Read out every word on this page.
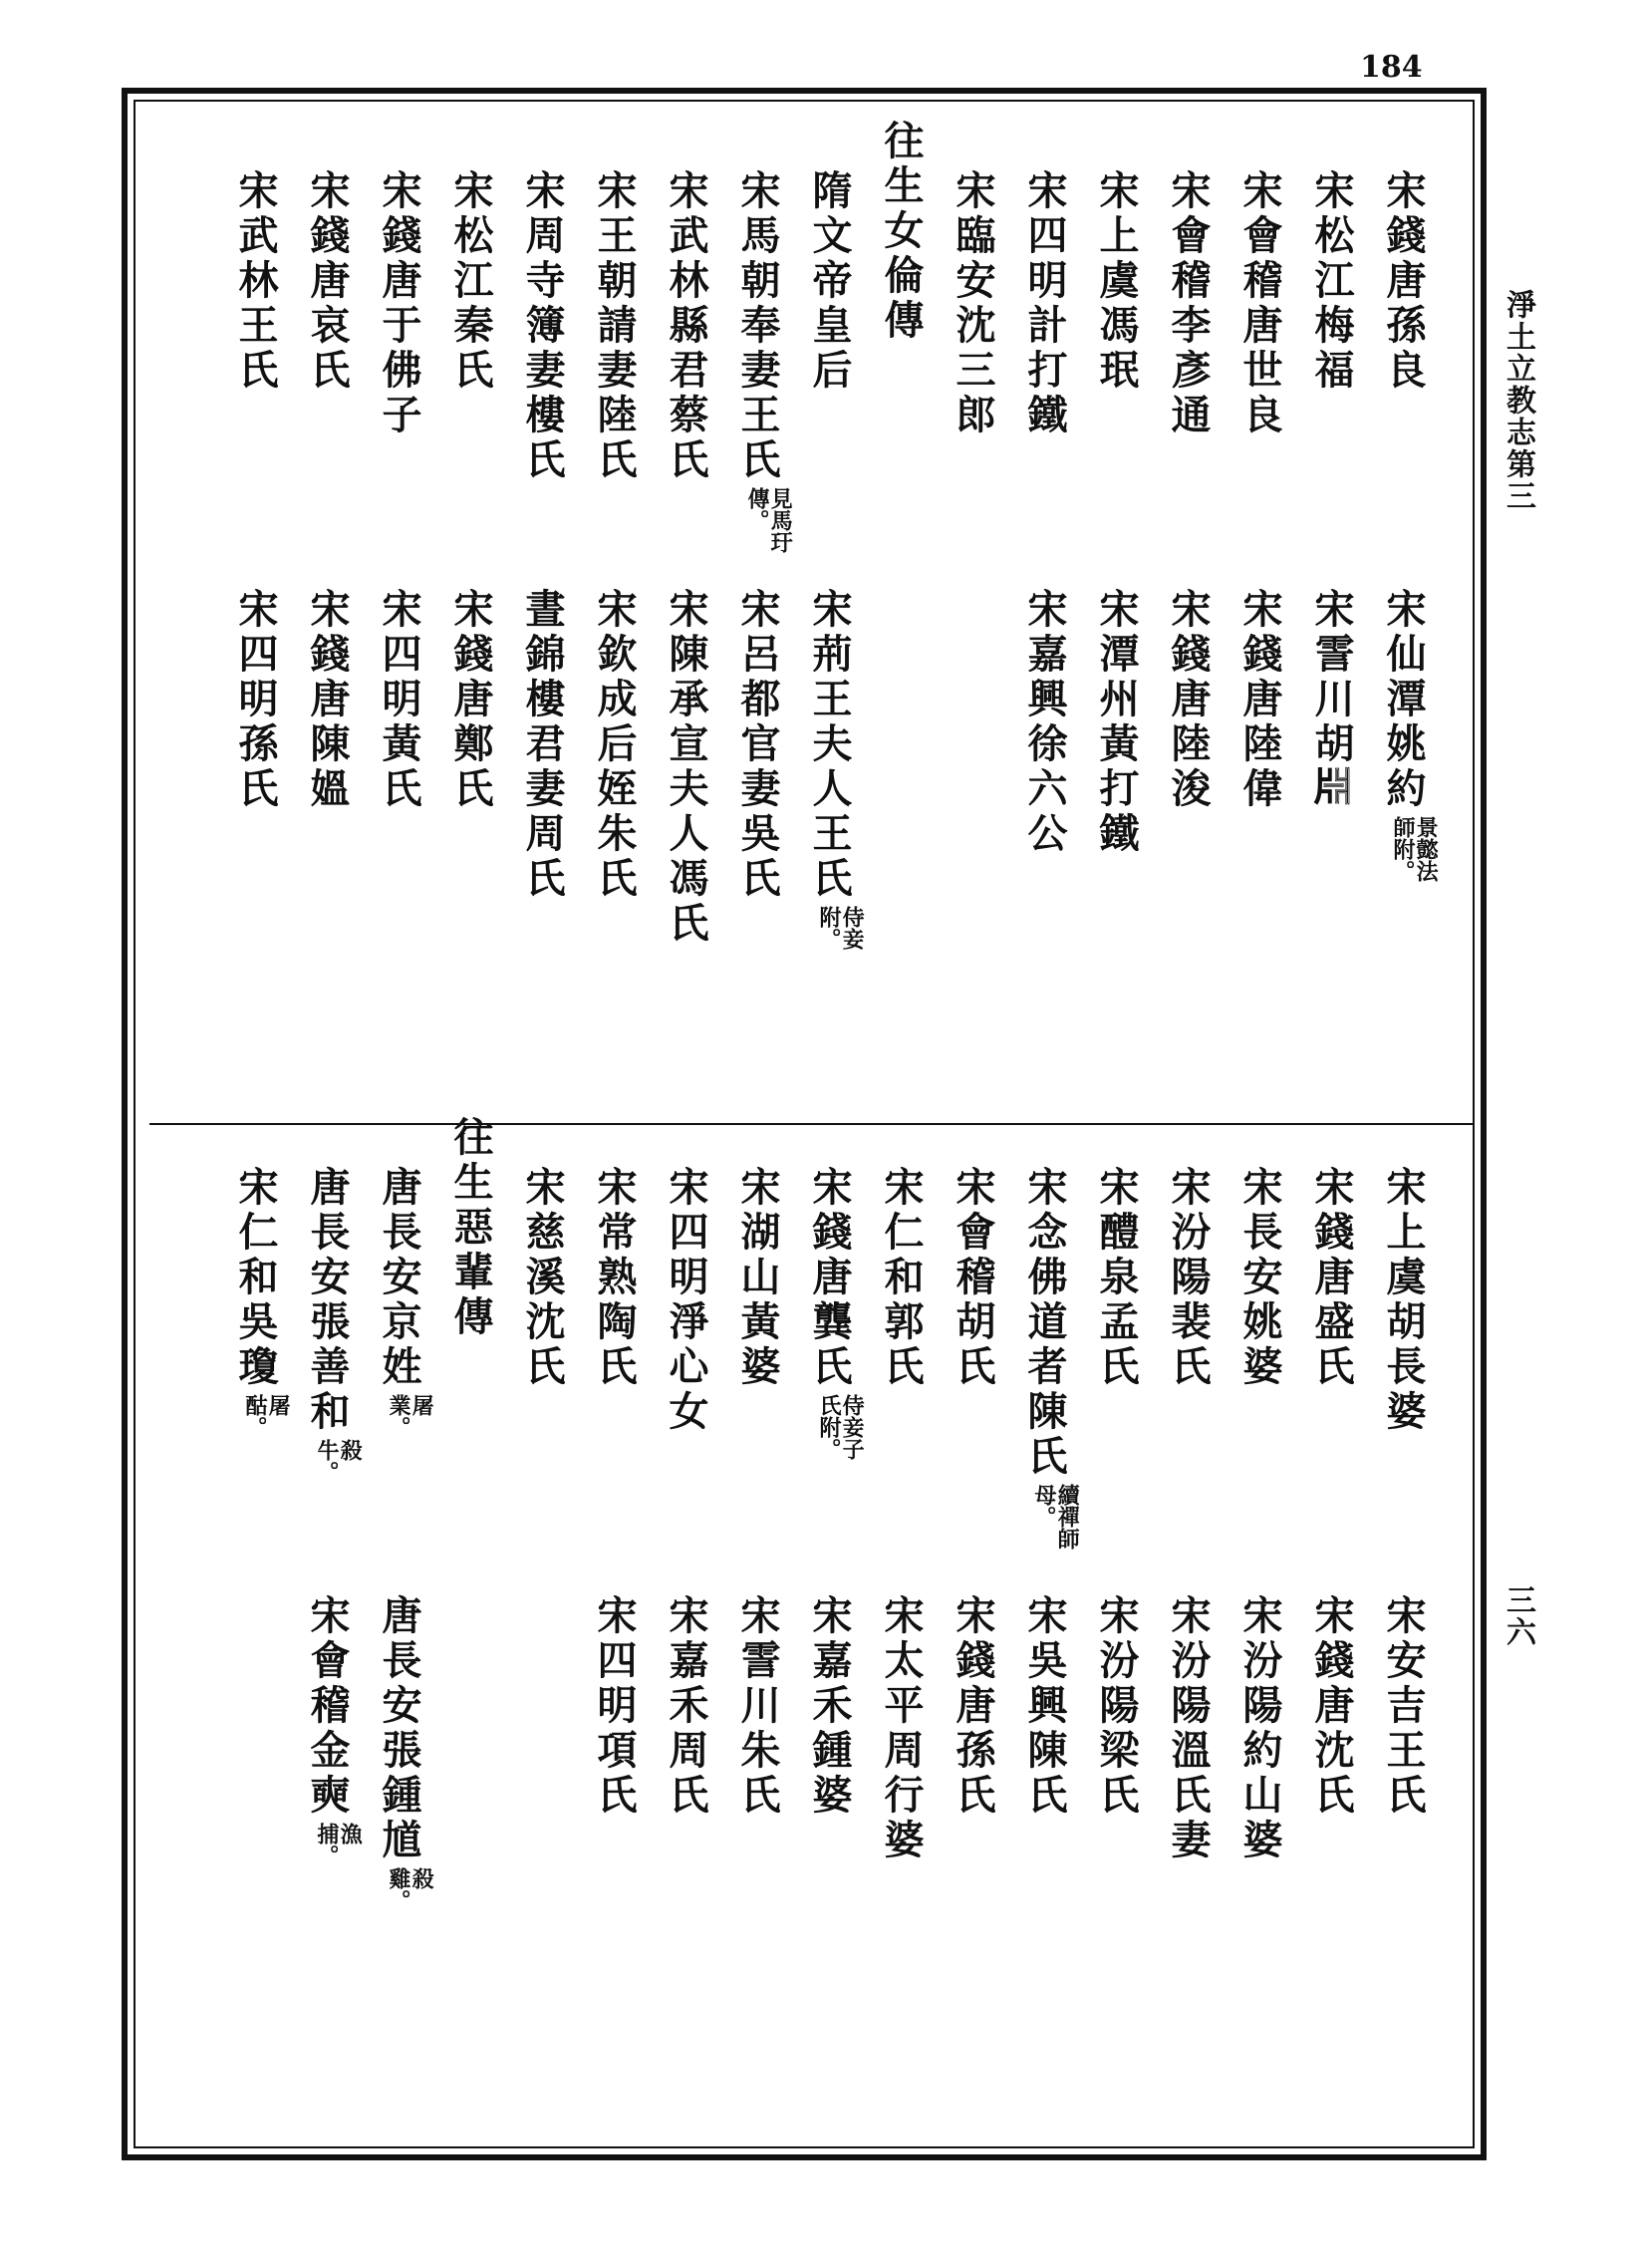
184
淨土立教志第三
三六
宋錢唐孫良
宋松江梅福
宋會稽唐世良
宋會稽李彥通
宋上虞馮珉
宋四明計打鐵
宋臨安沈三郎
往生女倫傳
隋文帝皇后
宋馬朝奉妻王氏見馬玗傳。
宋武林縣君蔡氏
宋王朝請妻陸氏
宋周寺簿妻樓氏
宋松江秦氏
宋錢唐于佛子
宋錢唐哀氏
宋武林王氏
宋仙潭姚約景懿法師附。
宋霅川胡𣶒
宋錢唐陸偉
宋錢唐陸浚
宋潭州黃打鐵
宋嘉興徐六公
宋荊王夫人王氏侍妾附。
宋呂都官妻吳氏
宋陳承宣夫人馮氏
宋欽成后姪朱氏
晝錦樓君妻周氏
宋錢唐鄭氏
宋四明黃氏
宋錢唐陳媼
宋四明孫氏
宋上虞胡長婆
宋錢唐盛氏
宋長安姚婆
宋汾陽裴氏
宋醴泉孟氏
宋念佛道者陳氏續禪師母。
宋會稽胡氏
宋仁和郭氏
宋錢唐龔氏侍妾子氏附。
宋湖山黃婆
宋四明淨心女
宋常熟陶氏
宋慈溪沈氏
往生惡輩傳
唐長安京姓屠業。
唐長安張善和殺牛。
宋仁和吳瓊屠酤。
宋安吉王氏
宋錢唐沈氏
宋汾陽約山婆
宋汾陽溫氏妻
宋汾陽梁氏
宋吳興陳氏
宋錢唐孫氏
宋太平周行婆
宋嘉禾鍾婆
宋霅川朱氏
宋嘉禾周氏
宋四明項氏
唐長安張鍾馗殺雞。
宋會稽金奭漁捕。
